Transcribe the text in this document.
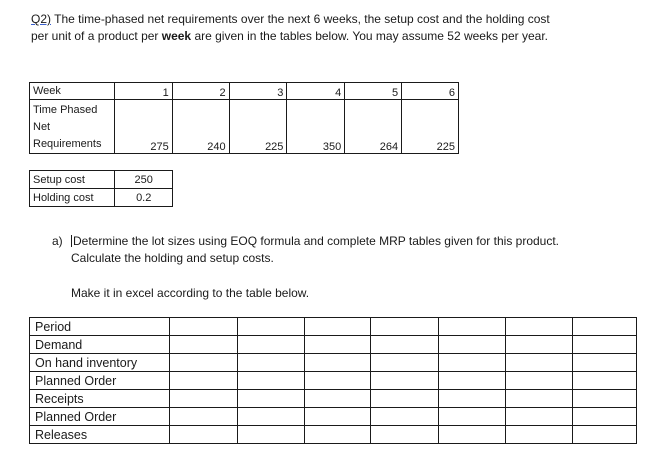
Q2) The time-phased net requirements over the next 6 weeks, the setup cost and the holding cost
per unit of a product per week are given in the tables below. You may assume 52 weeks per year.
Week	1	2	3	4	5	6

Time Phased
Net
Requirements	275	240	225	350	264	225
Setup cost	250
Holding cost	0.2
a) Determine the lot sizes using EOQ formula and complete MRP tables given for this product.
Calculate the holding and setup costs.
Make it in excel according to the table below.
Period							
Demand							
On hand inventory							
Planned Order							
Receipts							
Planned Order							
Releases							
